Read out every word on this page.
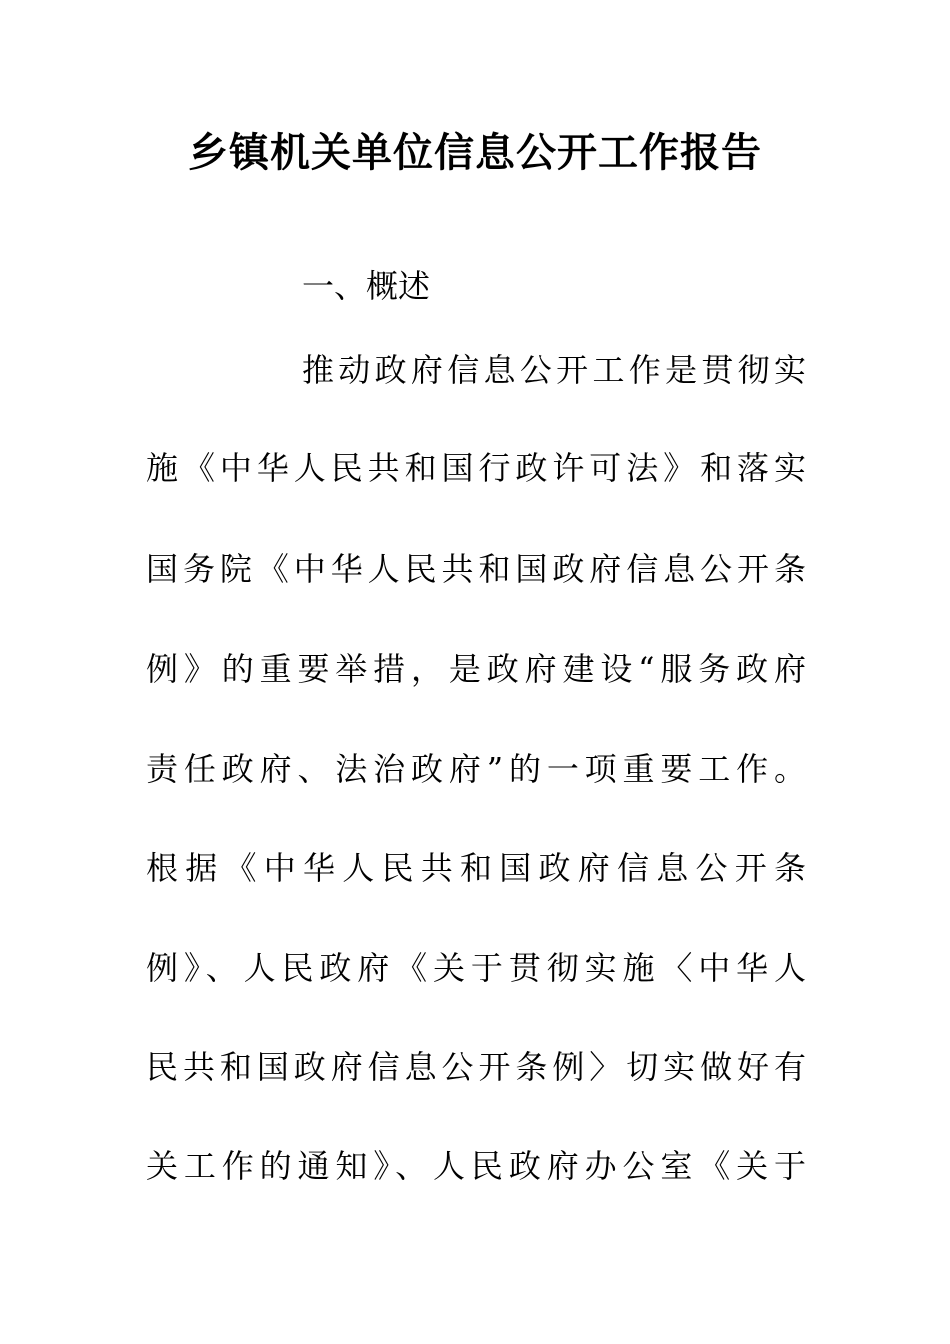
乡镇机关单位信息公开工作报告
一、概述
推动政府信息公开工作是贯彻实
施《中华人民共和国行政许可法》和落实
国务院《中华人民共和国政府信息公开条
例》的重要举措，是政府建设“服务政府
责任政府、法治政府”的一项重要工作。
根据《中华人民共和国政府信息公开条
例》、人民政府《关于贯彻实施〈中华人
民共和国政府信息公开条例〉切实做好有
关工作的通知》、人民政府办公室《关于
